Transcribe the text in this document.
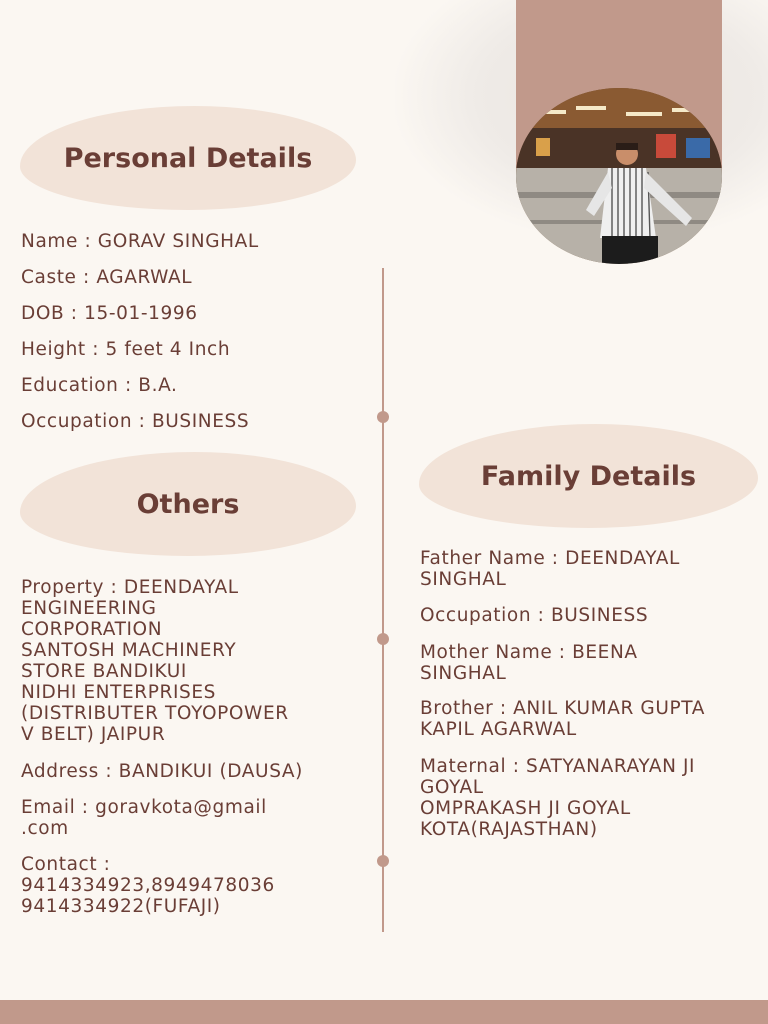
Personal Details
Name : GORAV SINGHAL
Caste : AGARWAL
DOB : 15-01-1996
Height : 5 feet 4 Inch
Education : B.A.
Occupation : BUSINESS
Others
Property : DEENDAYAL
ENGINEERING
CORPORATION
SANTOSH MACHINERY
STORE BANDIKUI
NIDHI ENTERPRISES
(DISTRIBUTER TOYOPOWER
V BELT) JAIPUR
Address : BANDIKUI (DAUSA)
Email : goravkota@gmail
.com
Contact :
9414334923,8949478036
9414334922(FUFAJI)
Family Details
Father Name : DEENDAYAL
SINGHAL
Occupation : BUSINESS
Mother Name : BEENA
SINGHAL
Brother : ANIL KUMAR GUPTA
KAPIL AGARWAL
Maternal : SATYANARAYAN JI
GOYAL
OMPRAKASH JI GOYAL
KOTA(RAJASTHAN)
